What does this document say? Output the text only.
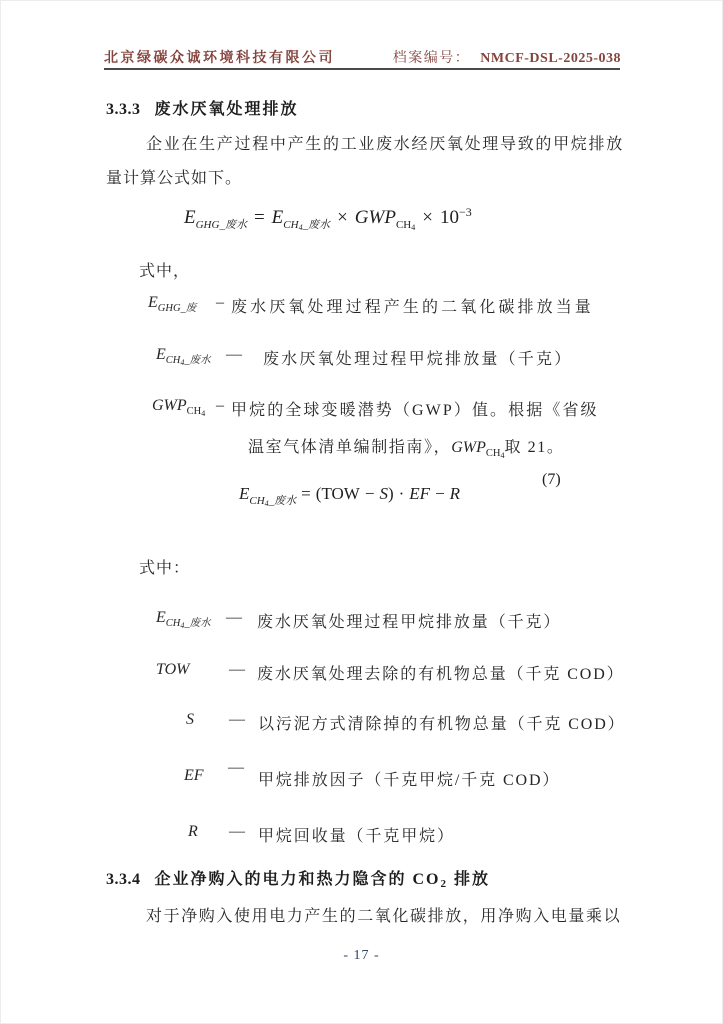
北京绿碳众诚环境科技有限公司	档案编号： NMCF-DSL-2025-038
3.3.3 废水厌氧处理排放
企业在生产过程中产生的工业废水经厌氧处理导致的甲烷排放
量计算公式如下。
$E_{GHG\_废水} = E_{CH4\_废水} \times GWP_{CH4} \times 10^{-3}$
式中，
$E_{GHG\_废}$ – 废水厌氧处理过程产生的二氧化碳排放当量
$E_{CH4\_废水}$ — 废水厌氧处理过程甲烷排放量（千克）
$GWP_{CH4}$ – 甲烷的全球变暖潜势（GWP）值。根据《省级
温室气体清单编制指南》，$GWP_{CH4}$取 21。
$E_{CH4\_废水} = (TOW - S)$ · EF − R
(7)
式中：
$E_{CH4\_废水}$ — 废水厌氧处理过程甲烷排放量（千克）
TOW — 废水厌氧处理去除的有机物总量（千克 COD）
S — 以污泥方式清除掉的有机物总量（千克 COD）
EF —
甲烷排放因子（千克甲烷/千克 COD）
R — 甲烷回收量（千克甲烷）
3.3.4 企业净购入的电力和热力隐含的 CO2 排放
对于净购入使用电力产生的二氧化碳排放，用净购入电量乘以
- 17 -
